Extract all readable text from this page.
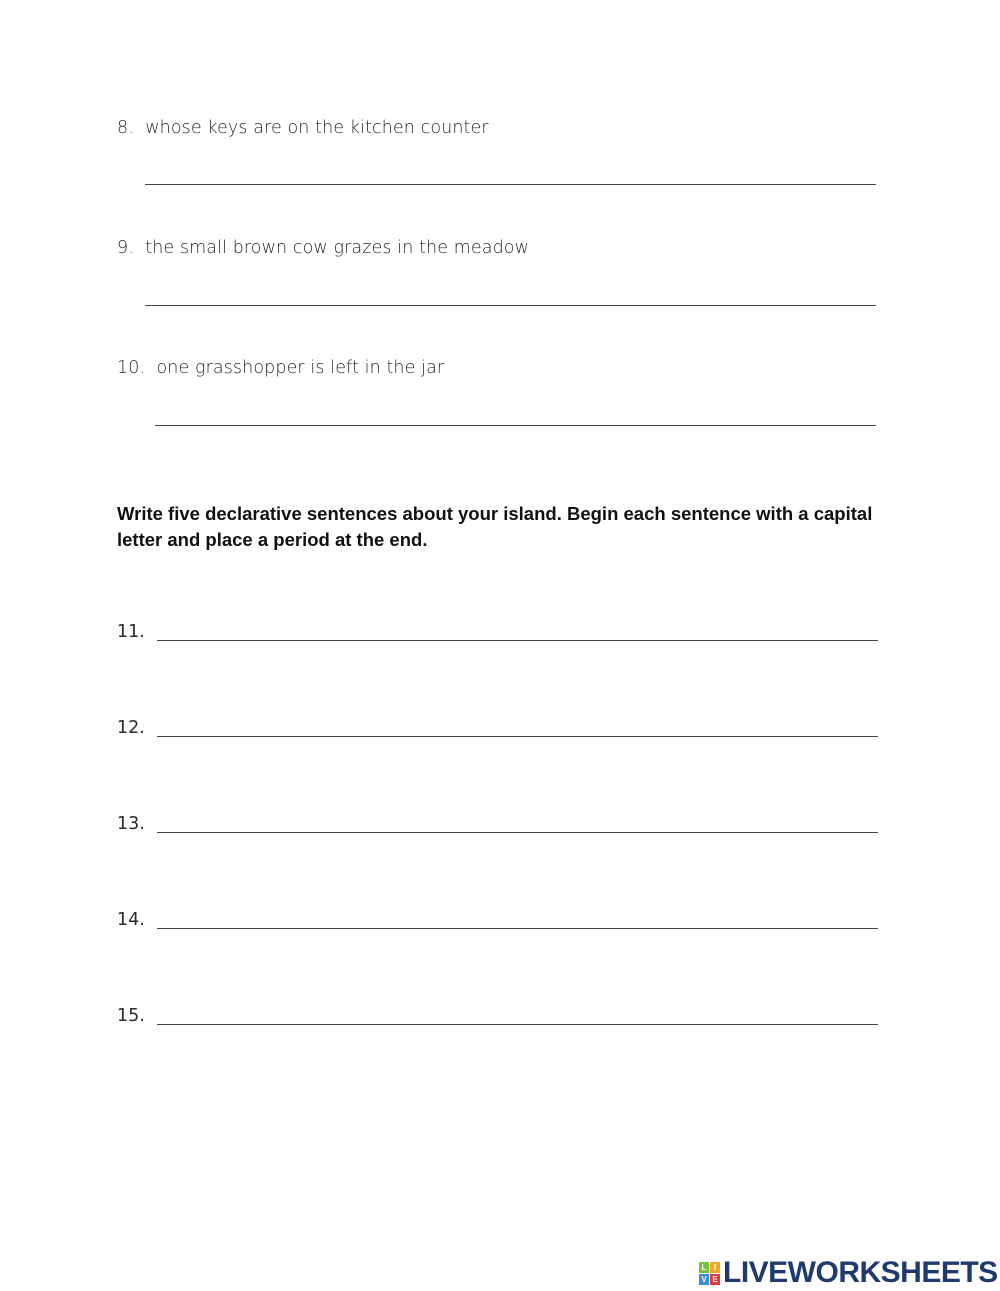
8. whose keys are on the kitchen counter
9. the small brown cow grazes in the meadow
10. one grasshopper is left in the jar
Write five declarative sentences about your island. Begin each sentence with a capital letter and place a period at the end.
11.
12.
13.
14.
15.
L I
V E LIVEWORKSHEETS
